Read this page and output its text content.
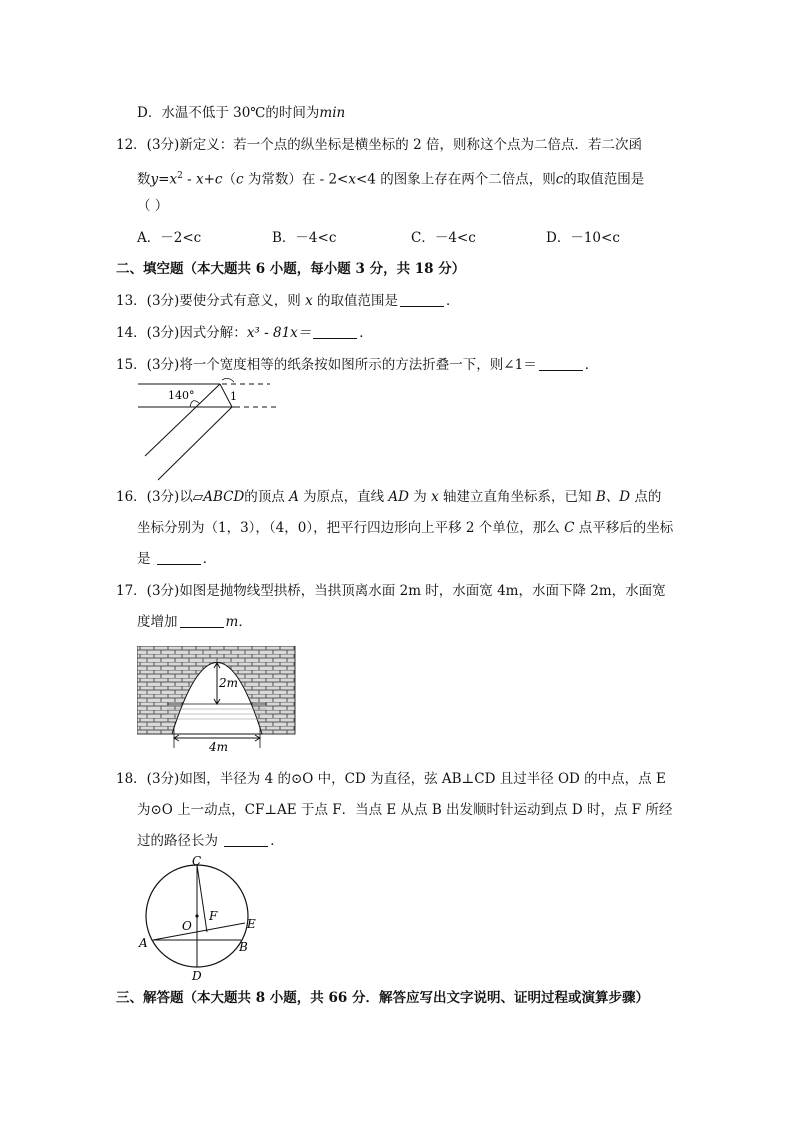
D．水温不低于 30℃的时间为min
12．(3分)新定义：若一个点的纵坐标是横坐标的 2 倍，则称这个点为二倍点．若二次函
数$y=x^2 - x+c(c$ 为常数）在 - 2<x<4 的图象上存在两个二倍点，则c的取值范围是
（ ）
A．－2<c	B．－4<c	C．－4<c	D．－10<c
二、填空题（本大题共 6 小题，每小题 3 分，共 18 分）
13．(3分)要使分式有意义，则 x 的取值范围是	．
14．(3分)因式分解：x³ - 81x＝	．
15．(3分)将一个宽度相等的纸条按如图所示的方法折叠一下，则∠1＝	．
140°	1
16．(3分)以▱ABCD的顶点 A 为原点，直线 AD 为 x 轴建立直角坐标系，已知 B、D 点的
坐标分别为（1，3），（4，0），把平行四边形向上平移 2 个单位，那么 C 点平移后的坐标
是	．
17．(3分)如图是抛物线型拱桥，当拱顶离水面 2m 时，水面宽 4m，水面下降 2m，水面宽
度增加	m．
2m
4m
18．(3分)如图，半径为 4 的⊙O 中，CD 为直径，弦 AB⊥CD 且过半径 OD 的中点，点 E
为⊙O 上一动点，CF⊥AE 于点 F．当点 E 从点 B 出发顺时针运动到点 D 时，点 F 所经
过的路径长为	．
C
O
F
E
A	B
D
三、解答题（本大题共 8 小题，共 66 分．解答应写出文字说明、证明过程或演算步骤）
